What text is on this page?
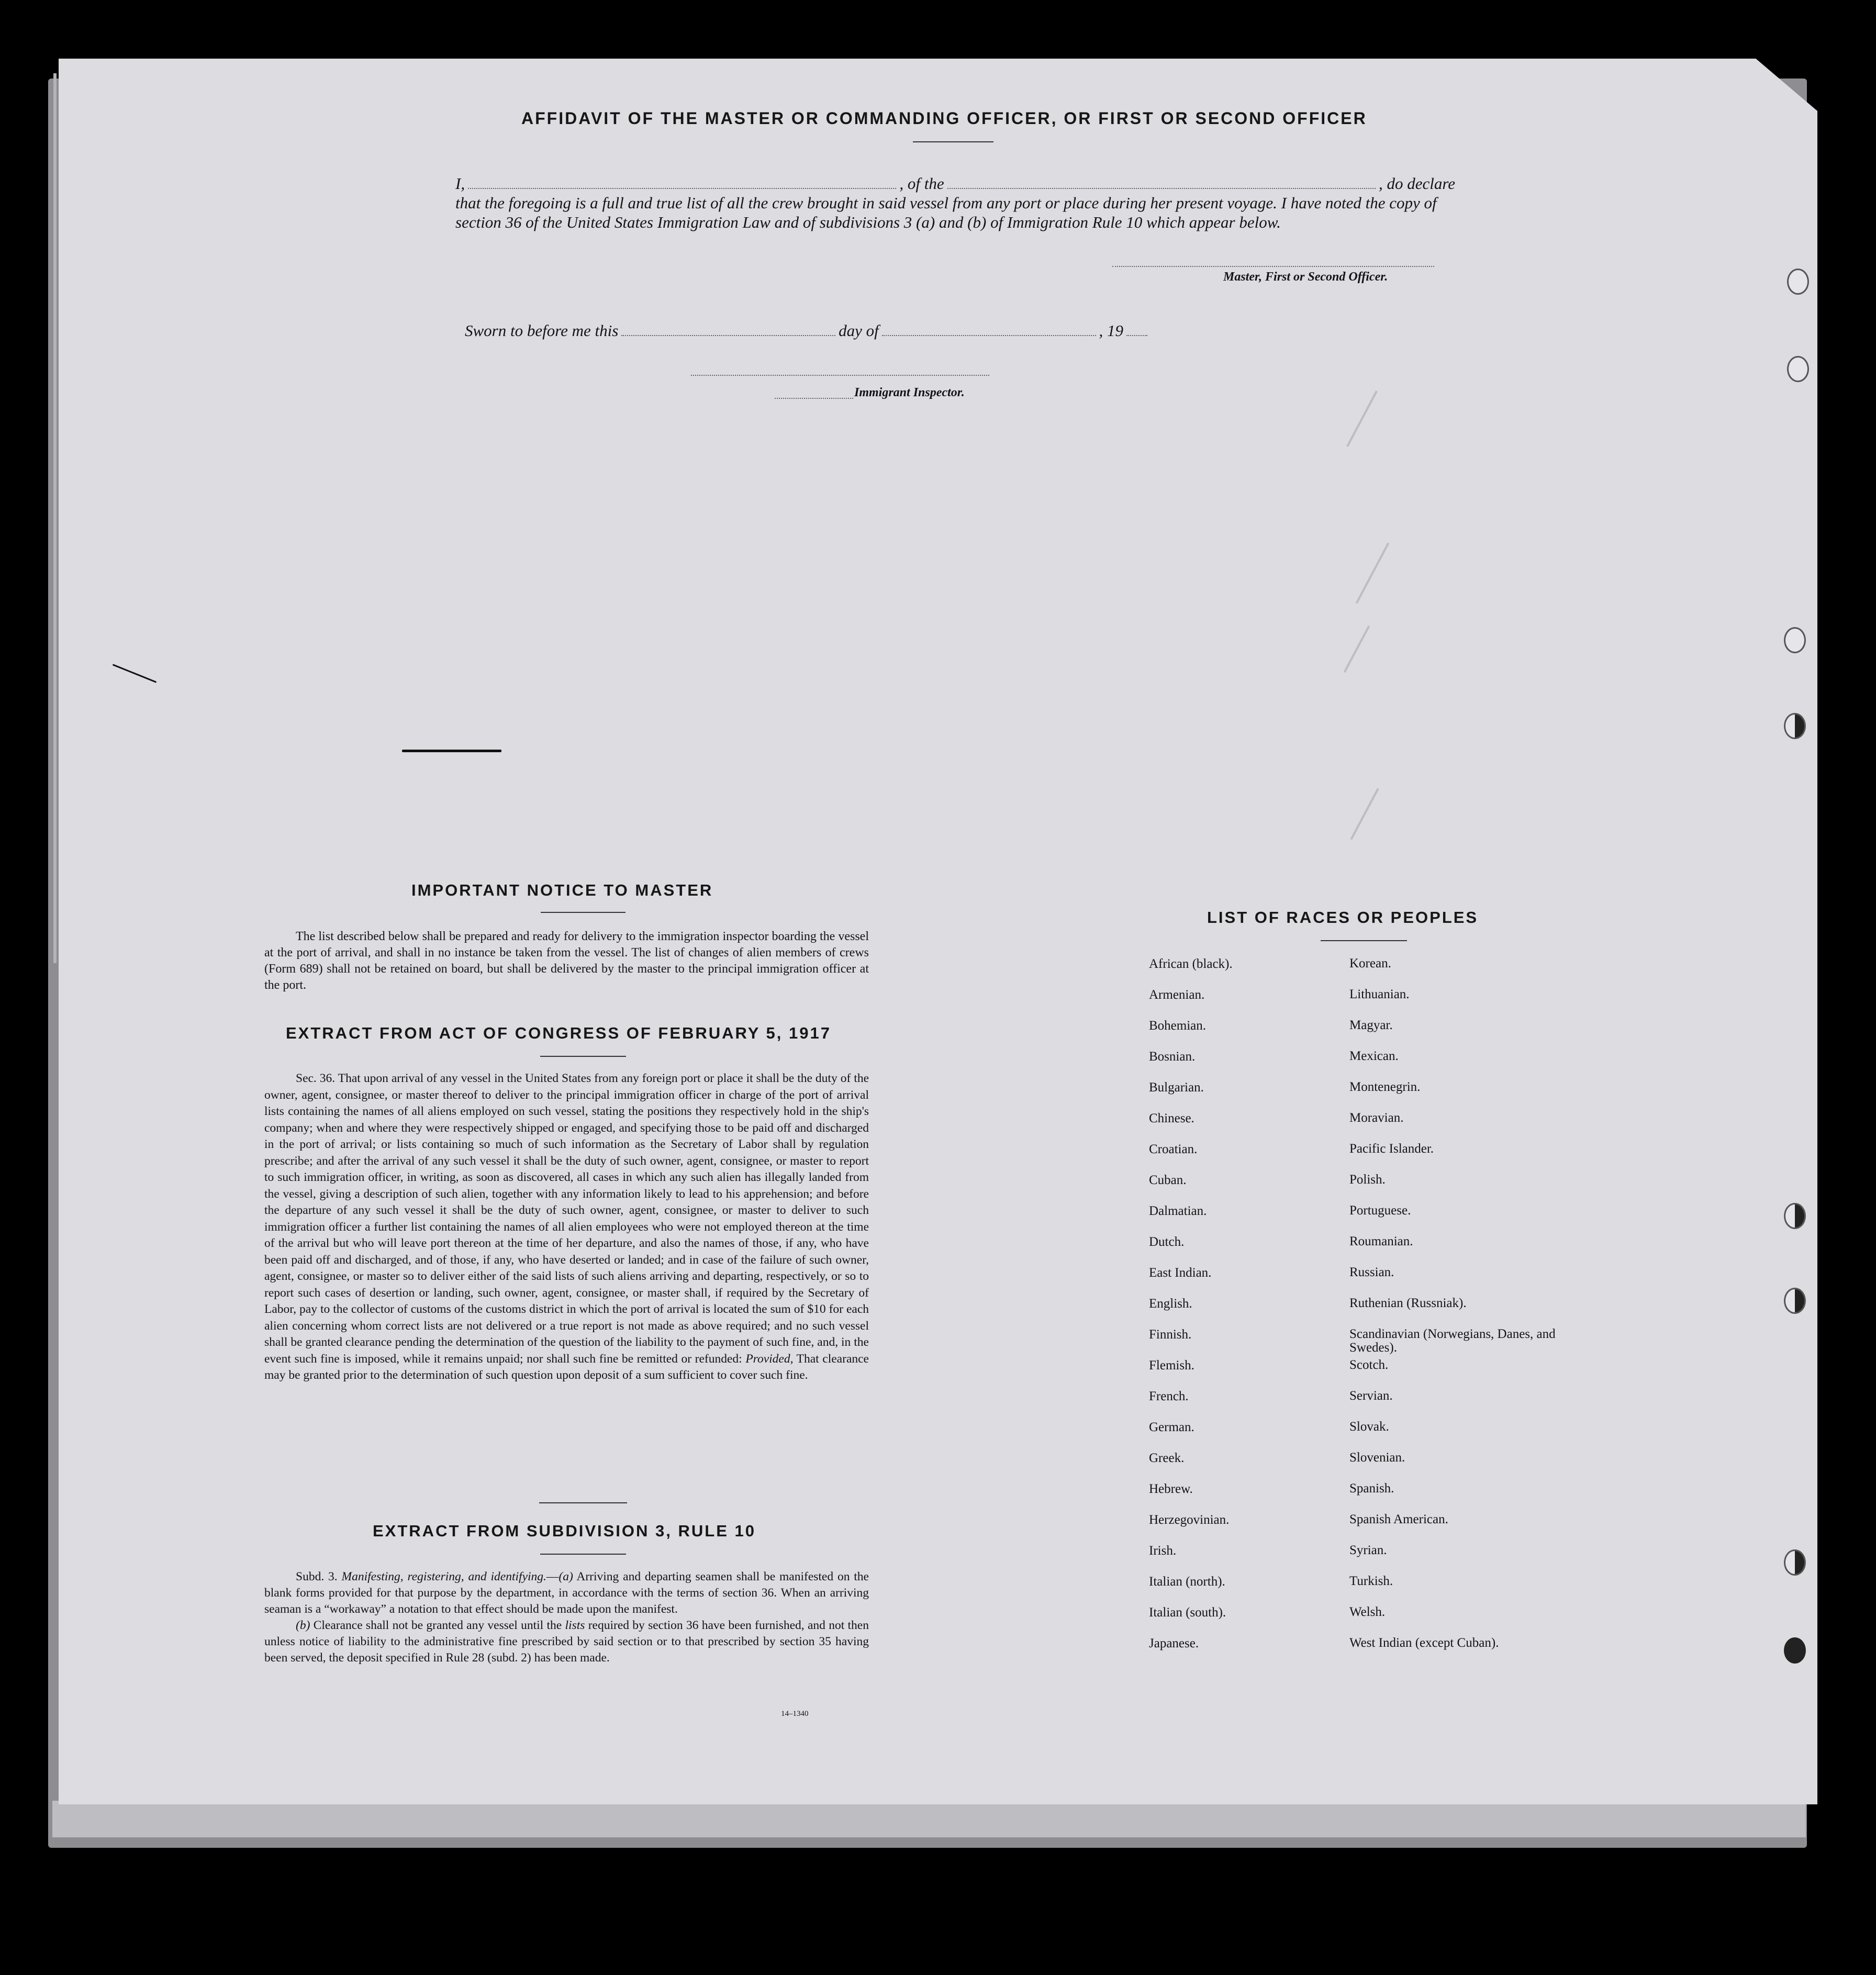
AFFIDAVIT OF THE MASTER OR COMMANDING OFFICER, OR FIRST OR SECOND OFFICER
I,	, of the	, do declare
that the foregoing is a full and true list of all the crew brought in said vessel from any port or place during her present voyage. I have noted the copy of section 36 of the United States Immigration Law and of subdivisions 3 (a) and (b) of Immigration Rule 10 which appear below.
Master, First or Second Officer.
Sworn to before me this	day of	, 19
Immigrant Inspector.
IMPORTANT NOTICE TO MASTER
The list described below shall be prepared and ready for delivery to the immigration inspector boarding the vessel at the port of arrival, and shall in no instance be taken from the vessel. The list of changes of alien members of crews (Form 689) shall not be retained on board, but shall be delivered by the master to the principal immigration officer at the port.
EXTRACT FROM ACT OF CONGRESS OF FEBRUARY 5, 1917
Sec. 36. That upon arrival of any vessel in the United States from any foreign port or place it shall be the duty of the owner, agent, consignee, or master thereof to deliver to the principal immigration officer in charge of the port of arrival lists containing the names of all aliens employed on such vessel, stating the positions they respectively hold in the ship's company; when and where they were respectively shipped or engaged, and specifying those to be paid off and discharged in the port of arrival; or lists containing so much of such information as the Secretary of Labor shall by regulation prescribe; and after the arrival of any such vessel it shall be the duty of such owner, agent, consignee, or master to report to such immigration officer, in writing, as soon as discovered, all cases in which any such alien has illegally landed from the vessel, giving a description of such alien, together with any information likely to lead to his apprehension; and before the departure of any such vessel it shall be the duty of such owner, agent, consignee, or master to deliver to such immigration officer a further list containing the names of all alien employees who were not employed thereon at the time of the arrival but who will leave port thereon at the time of her departure, and also the names of those, if any, who have been paid off and discharged, and of those, if any, who have deserted or landed; and in case of the failure of such owner, agent, consignee, or master so to deliver either of the said lists of such aliens arriving and departing, respectively, or so to report such cases of desertion or landing, such owner, agent, consignee, or master shall, if required by the Secretary of Labor, pay to the collector of customs of the customs district in which the port of arrival is located the sum of $10 for each alien concerning whom correct lists are not delivered or a true report is not made as above required; and no such vessel shall be granted clearance pending the determination of the question of the liability to the payment of such fine, and, in the event such fine is imposed, while it remains unpaid; nor shall such fine be remitted or refunded: Provided, That clearance may be granted prior to the determination of such question upon deposit of a sum sufficient to cover such fine.
EXTRACT FROM SUBDIVISION 3, RULE 10

Subd. 3. Manifesting, registering, and identifying.—(a) Arriving and departing seamen shall be manifested on the blank forms provided for that purpose by the department, in accordance with the terms of section 36. When an arriving seaman is a “workaway” a notation to that effect should be made upon the manifest.

(b) Clearance shall not be granted any vessel until the lists required by section 36 have been furnished, and not then unless notice of liability to the administrative fine prescribed by said section or to that prescribed by section 35 having been served, the deposit specified in Rule 28 (subd. 2) has been made.

14–1340
LIST OF RACES OR PEOPLES
African (black).	Korean.
Armenian.	Lithuanian.
Bohemian.	Magyar.
Bosnian.	Mexican.
Bulgarian.	Montenegrin.
Chinese.	Moravian.
Croatian.	Pacific Islander.
Cuban.	Polish.
Dalmatian.	Portuguese.
Dutch.	Roumanian.
East Indian.	Russian.
English.	Ruthenian (Russniak).
Finnish.	Scandinavian (Norwegians, Danes, and Swedes).
Flemish.	Scotch.
French.	Servian.
German.	Slovak.
Greek.	Slovenian.
Hebrew.	Spanish.
Herzegovinian.	Spanish American.
Irish.	Syrian.
Italian (north).	Turkish.
Italian (south).	Welsh.
Japanese.	West Indian (except Cuban).
